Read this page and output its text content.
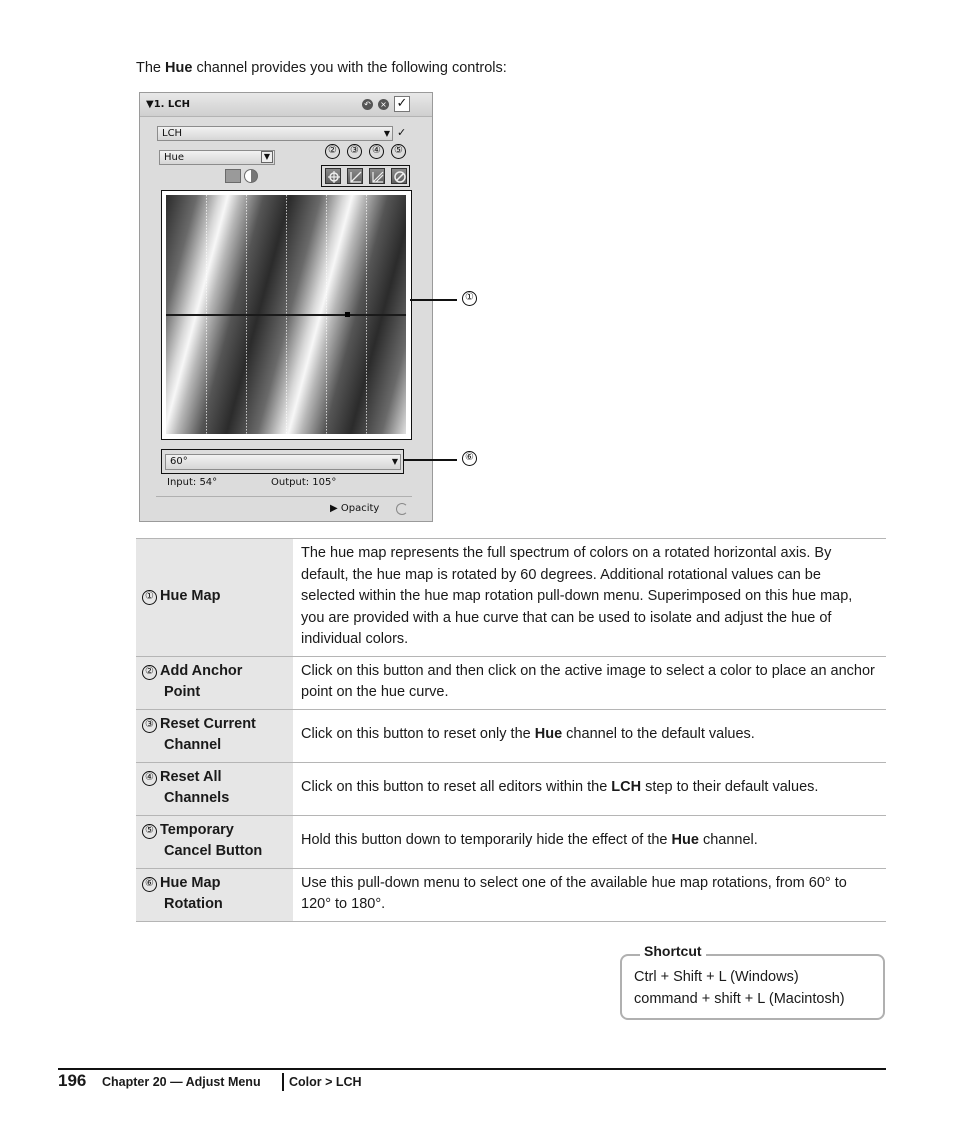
The Hue channel provides you with the following controls:

▼1. LCH	↶ × ✓
LCH	▼ ✓
Hue	▼
②	③	④	⑤
60°	▼
Input: 54°	Output: 105°
▶ Opacity
①
⑥
① Hue Map	The hue map represents the full spectrum of colors on a rotated horizontal axis. By default, the hue map is rotated by 60 degrees. Additional rotational values can be selected within the hue map rotation pull-down menu. Superimposed on this hue map, you are provided with a hue curve that can be used to isolate and adjust the hue of individual colors.
② Add Anchor
Point	Click on this button and then click on the active image to select a color to place an anchor point on the hue curve.
③ Reset Current
Channel	Click on this button to reset only the Hue channel to the default values.
④ Reset All
Channels	Click on this button to reset all editors within the LCH step to their default values.
⑤ Temporary
Cancel Button	Hold this button down to temporarily hide the effect of the Hue channel.
⑥ Hue Map
Rotation	Use this pull-down menu to select one of the available hue map rotations, from 60° to 120° to 180°.
Ctrl + Shift + L (Windows)
command + shift + L (Macintosh)
Shortcut
196 Chapter 20 — Adjust Menu Color > LCH
